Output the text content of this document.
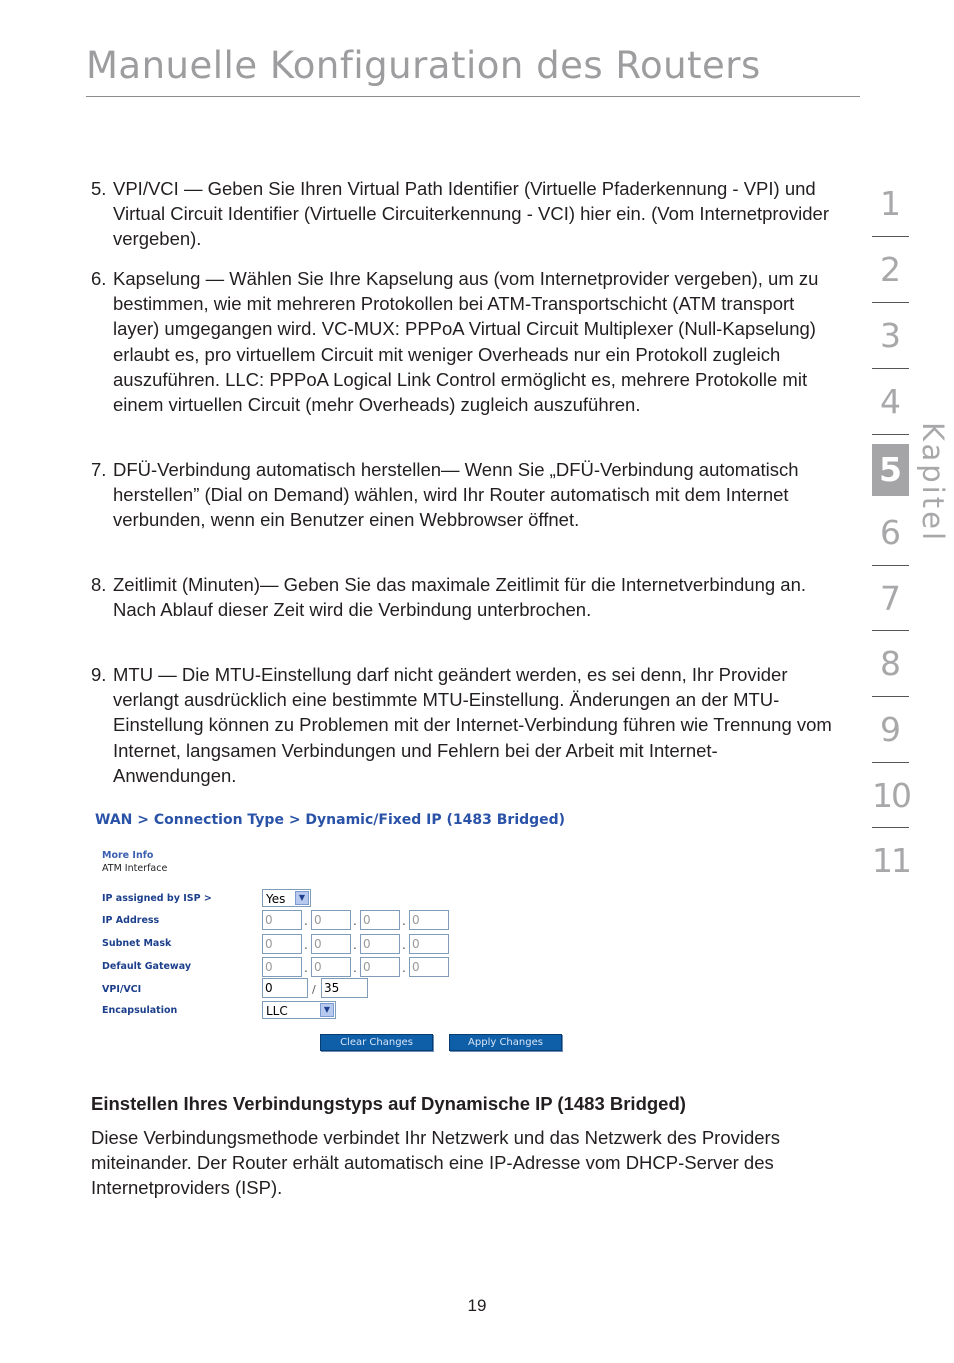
Manuelle Konfiguration des Routers
5. VPI/VCI — Geben Sie Ihren Virtual Path Identifier (Virtuelle Pfaderkennung - VPI) und Virtual Circuit Identifier (Virtuelle Circuiterkennung - VCI) hier ein. (Vom Internetprovider vergeben).
6. Kapselung — Wählen Sie Ihre Kapselung aus (vom Internetprovider vergeben), um zu bestimmen, wie mit mehreren Protokollen bei ATM-Transportschicht (ATM transport layer) umgegangen wird. VC-MUX: PPPoA Virtual Circuit Multiplexer (Null-Kapselung) erlaubt es, pro virtuellem Circuit mit weniger Overheads nur ein Protokoll zugleich auszuführen. LLC: PPPoA Logical Link Control ermöglicht es, mehrere Protokolle mit einem virtuellen Circuit (mehr Overheads) zugleich auszuführen.
7. DFÜ-Verbindung automatisch herstellen— Wenn Sie „DFÜ-Verbindung automatisch herstellen” (Dial on Demand) wählen, wird Ihr Router automatisch mit dem Internet verbunden, wenn ein Benutzer einen Webbrowser öffnet.
8. Zeitlimit (Minuten)— Geben Sie das maximale Zeitlimit für die Internetverbindung an. Nach Ablauf dieser Zeit wird die Verbindung unterbrochen.
9. MTU — Die MTU-Einstellung darf nicht geändert werden, es sei denn, Ihr Provider verlangt ausdrücklich eine bestimmte MTU-Einstellung. Änderungen an der MTU-Einstellung können zu Problemen mit der Internet-Verbindung führen wie Trennung vom Internet, langsamen Verbindungen und Fehlern bei der Arbeit mit Internet-Anwendungen.
WAN > Connection Type > Dynamic/Fixed IP (1483 Bridged)
More Info
ATM Interface
IP assigned by ISP >	Yes	▼
IP Address	0	. 0	. 0	. 0
Subnet Mask	0	. 0	. 0	. 0
Default Gateway	0	. 0	. 0	. 0
VPI/VCI	0	/ 35
Encapsulation	LLC	▼
Clear Changes	Apply Changes
Einstellen Ihres Verbindungstyps auf Dynamische IP (1483 Bridged)
Diese Verbindungsmethode verbindet Ihr Netzwerk und das Netzwerk des Providers miteinander. Der Router erhält automatisch eine IP-Adresse vom DHCP-Server des Internetproviders (ISP).
19
1
2
3
4
5
6
7
8
9
10
11
Kapitel
